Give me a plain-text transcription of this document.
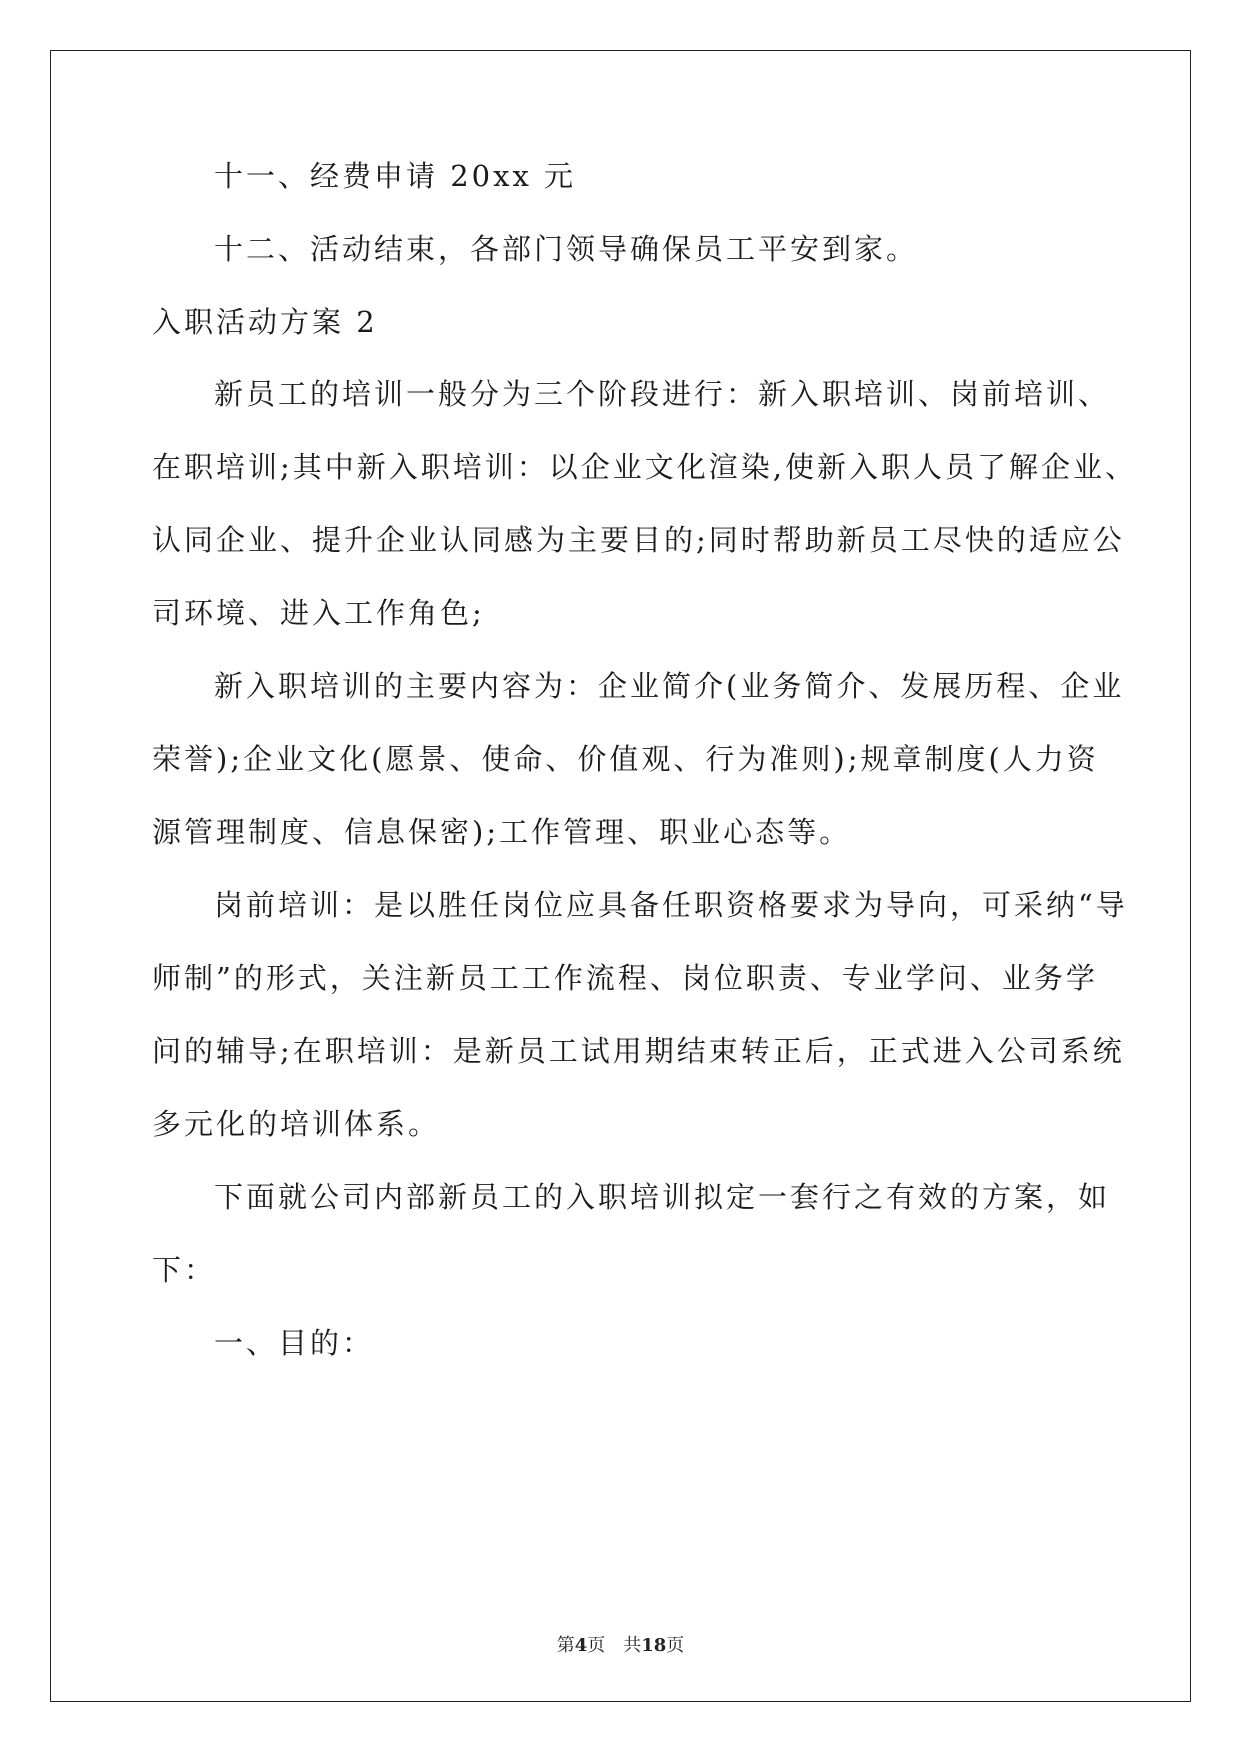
十一、经费申请 20xx 元
十二、活动结束，各部门领导确保员工平安到家。
入职活动方案 2
新员工的培训一般分为三个阶段进行：新入职培训、岗前培训、
在职培训;其中新入职培训：以企业文化渲染,使新入职人员了解企业、
认同企业、提升企业认同感为主要目的;同时帮助新员工尽快的适应公
司环境、进入工作角色;
新入职培训的主要内容为：企业简介(业务简介、发展历程、企业
荣誉);企业文化(愿景、使命、价值观、行为准则);规章制度(人力资
源管理制度、信息保密);工作管理、职业心态等。
岗前培训：是以胜任岗位应具备任职资格要求为导向，可采纳“导
师制”的形式，关注新员工工作流程、岗位职责、专业学问、业务学
问的辅导;在职培训：是新员工试用期结束转正后，正式进入公司系统
多元化的培训体系。
下面就公司内部新员工的入职培训拟定一套行之有效的方案，如
下：
一、目的：
第4页 共18页
